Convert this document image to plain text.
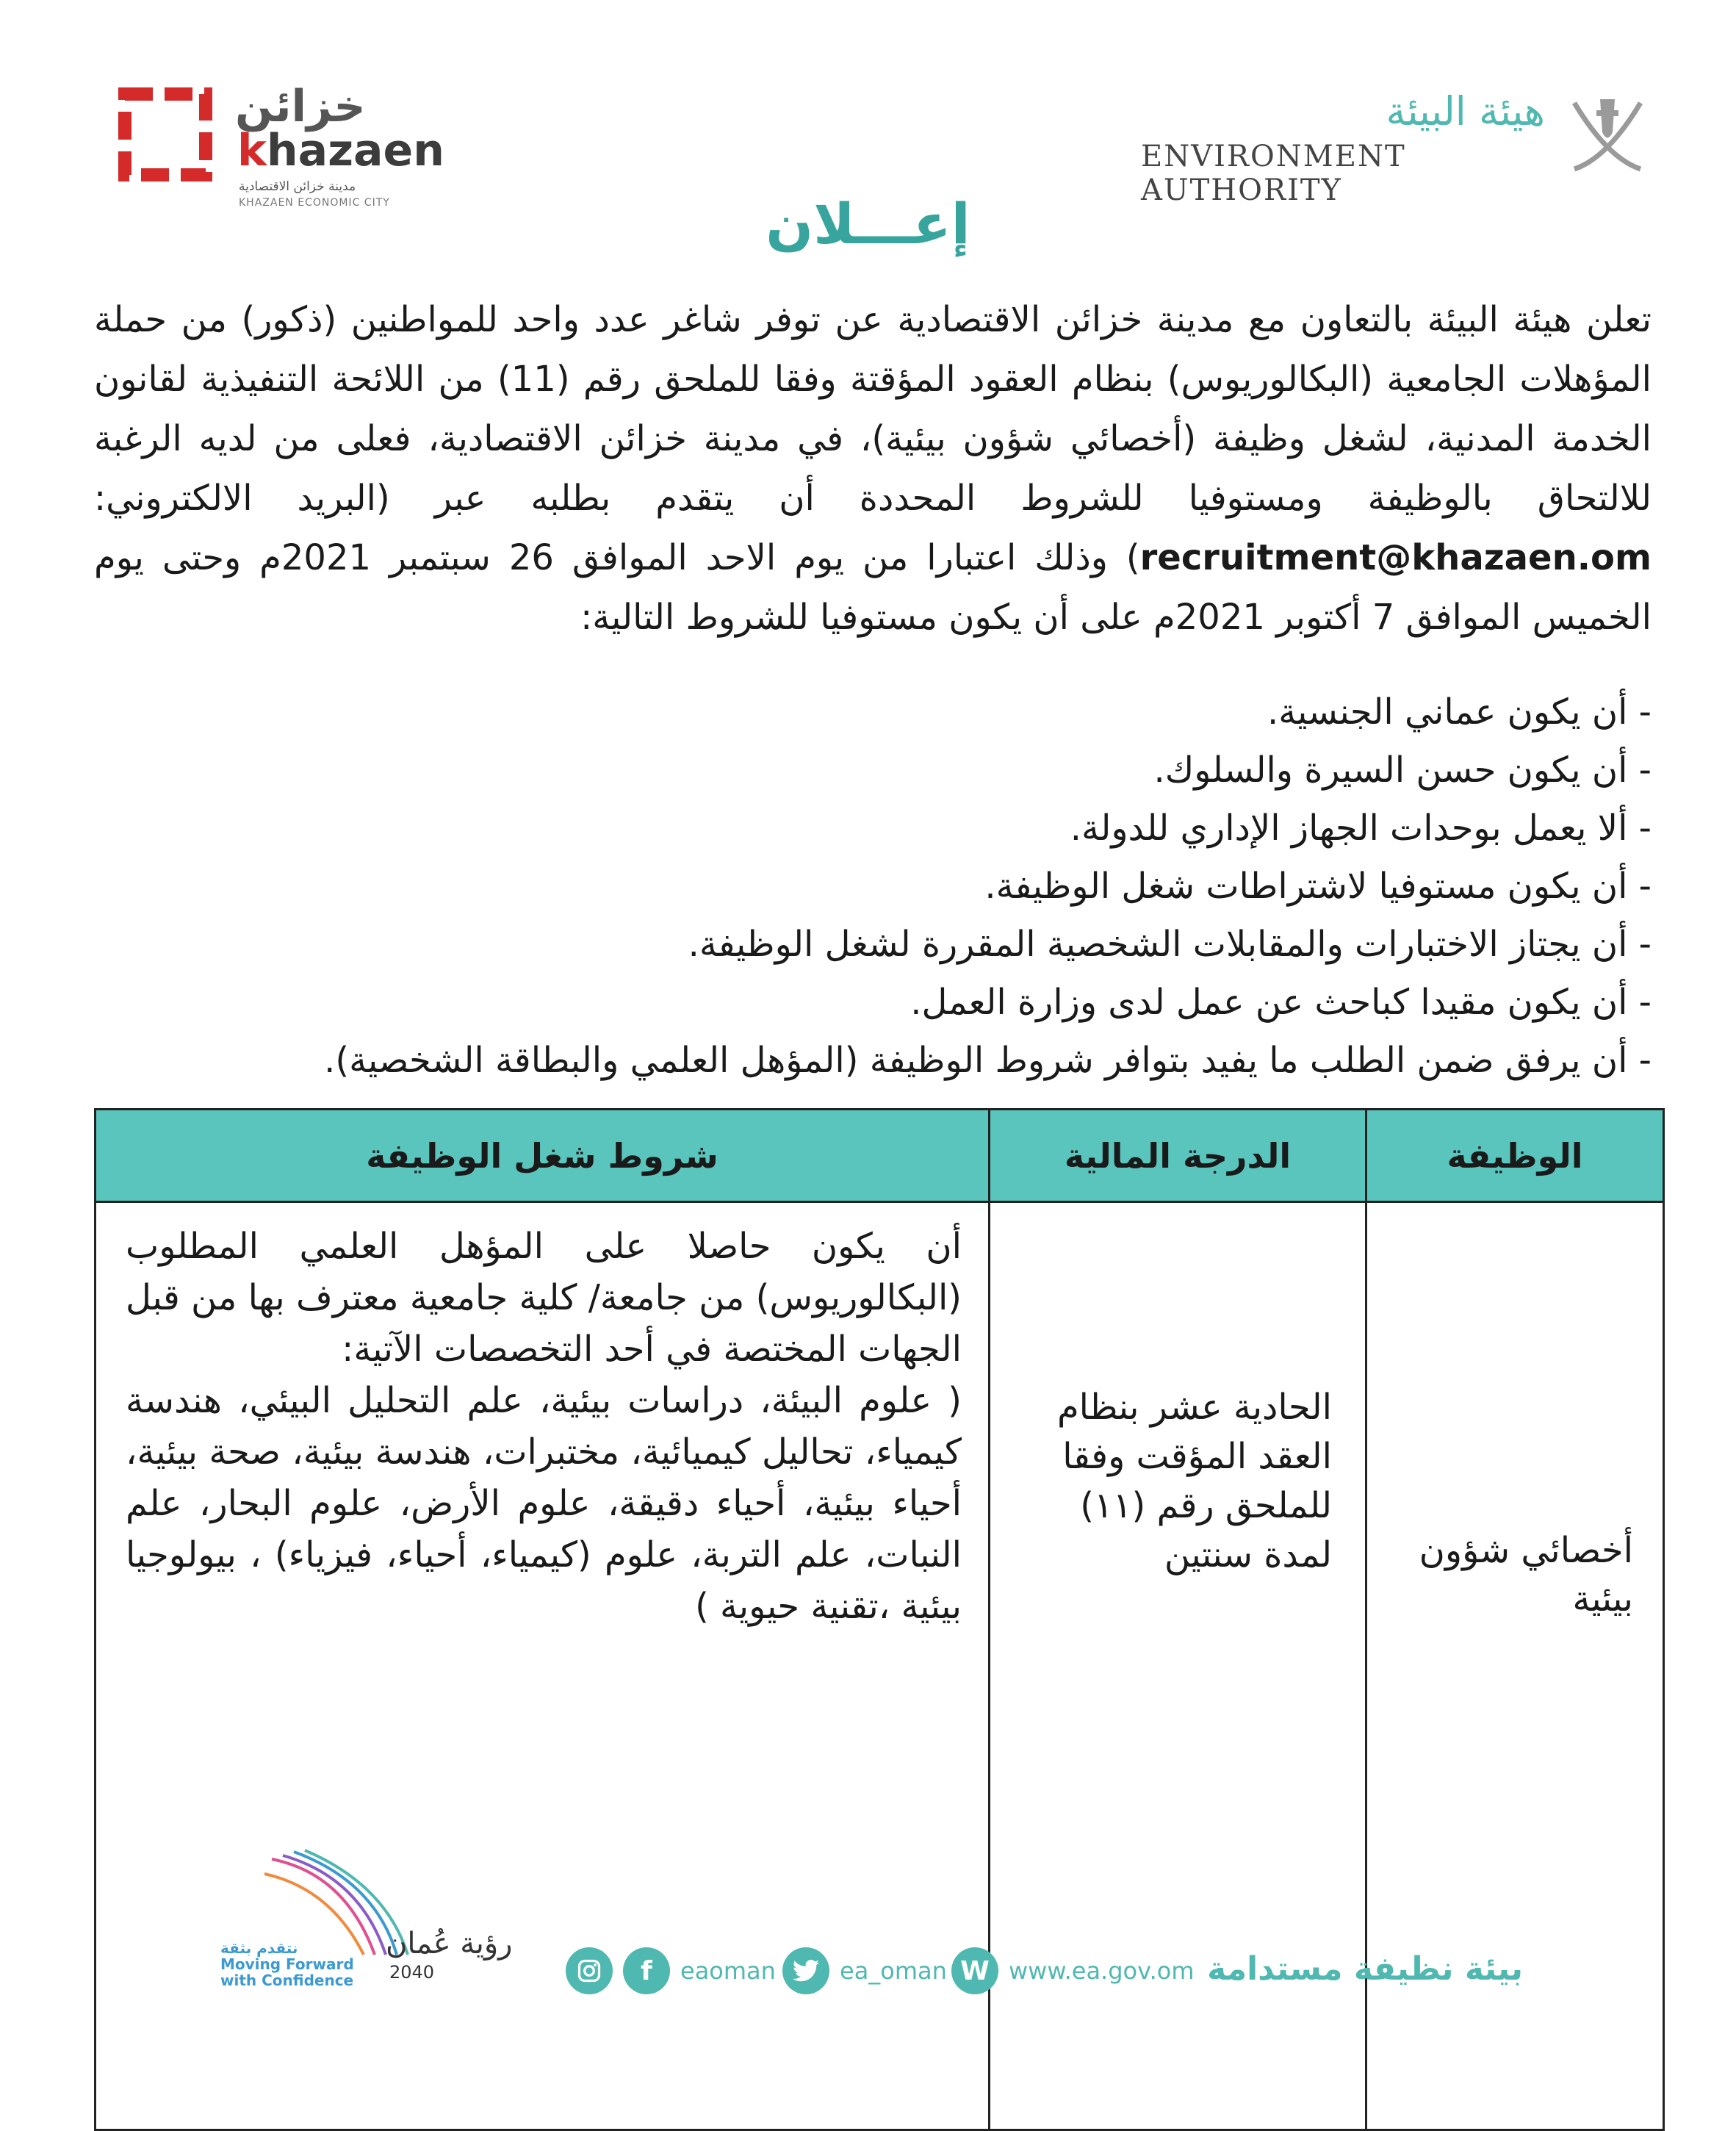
خزائن
khazaen
مدينة خزائن الاقتصادية
KHAZAEN ECONOMIC CITY
هيئة البيئة
ENVIRONMENT AUTHORITY
إعـــلان

تعلن هيئة البيئة بالتعاون مع مدينة خزائن الاقتصادية عن توفر شاغر عدد واحد للمواطنين (ذكور) من حملة المؤهلات الجامعية (البكالوريوس) بنظام العقود المؤقتة وفقا للملحق رقم (11) من اللائحة التنفيذية لقانون الخدمة المدنية، لشغل وظيفة (أخصائي شؤون بيئية)، في مدينة خزائن الاقتصادية، فعلى من لديه الرغبة للالتحاق بالوظيفة ومستوفيا للشروط المحددة أن يتقدم بطلبه عبر (البريد الالكتروني: recruitment@khazaen.om) وذلك اعتبارا من يوم الاحد الموافق 26 سبتمبر 2021م وحتى يوم الخميس الموافق 7 أكتوبر 2021م على أن يكون مستوفيا للشروط التالية:

- أن يكون عماني الجنسية.
- أن يكون حسن السيرة والسلوك.
- ألا يعمل بوحدات الجهاز الإداري للدولة.
- أن يكون مستوفيا لاشتراطات شغل الوظيفة.
- أن يجتاز الاختبارات والمقابلات الشخصية المقررة لشغل الوظيفة.
- أن يكون مقيدا كباحث عن عمل لدى وزارة العمل.
- أن يرفق ضمن الطلب ما يفيد بتوافر شروط الوظيفة (المؤهل العلمي والبطاقة الشخصية).
الوظيفة	الدرجة المالية	شروط شغل الوظيفة
أخصائي شؤون بيئية	الحادية عشر بنظام العقد المؤقت وفقا للملحق رقم (١١) لمدة سنتين	أن يكون حاصلا على المؤهل العلمي المطلوب (البكالوريوس) من جامعة/ كلية جامعية معترف بها من قبل الجهات المختصة في أحد التخصصات الآتية:
( علوم البيئة، دراسات بيئية، علم التحليل البيئي، هندسة كيمياء، تحاليل كيميائية، مختبرات، هندسة بيئية، صحة بيئية، أحياء بيئية، أحياء دقيقة، علوم الأرض، علوم البحار، علم النبات، علم التربة، علوم (كيمياء، أحياء، فيزياء) ، بيولوجيا بيئية ،تقنية حيوية )
بيئة نظيفة مستدامة
W www.ea.gov.om
ea_oman
f	eaoman
رؤية عُمان
2040
نتقدم بثقة
Moving Forward
with Confidence
